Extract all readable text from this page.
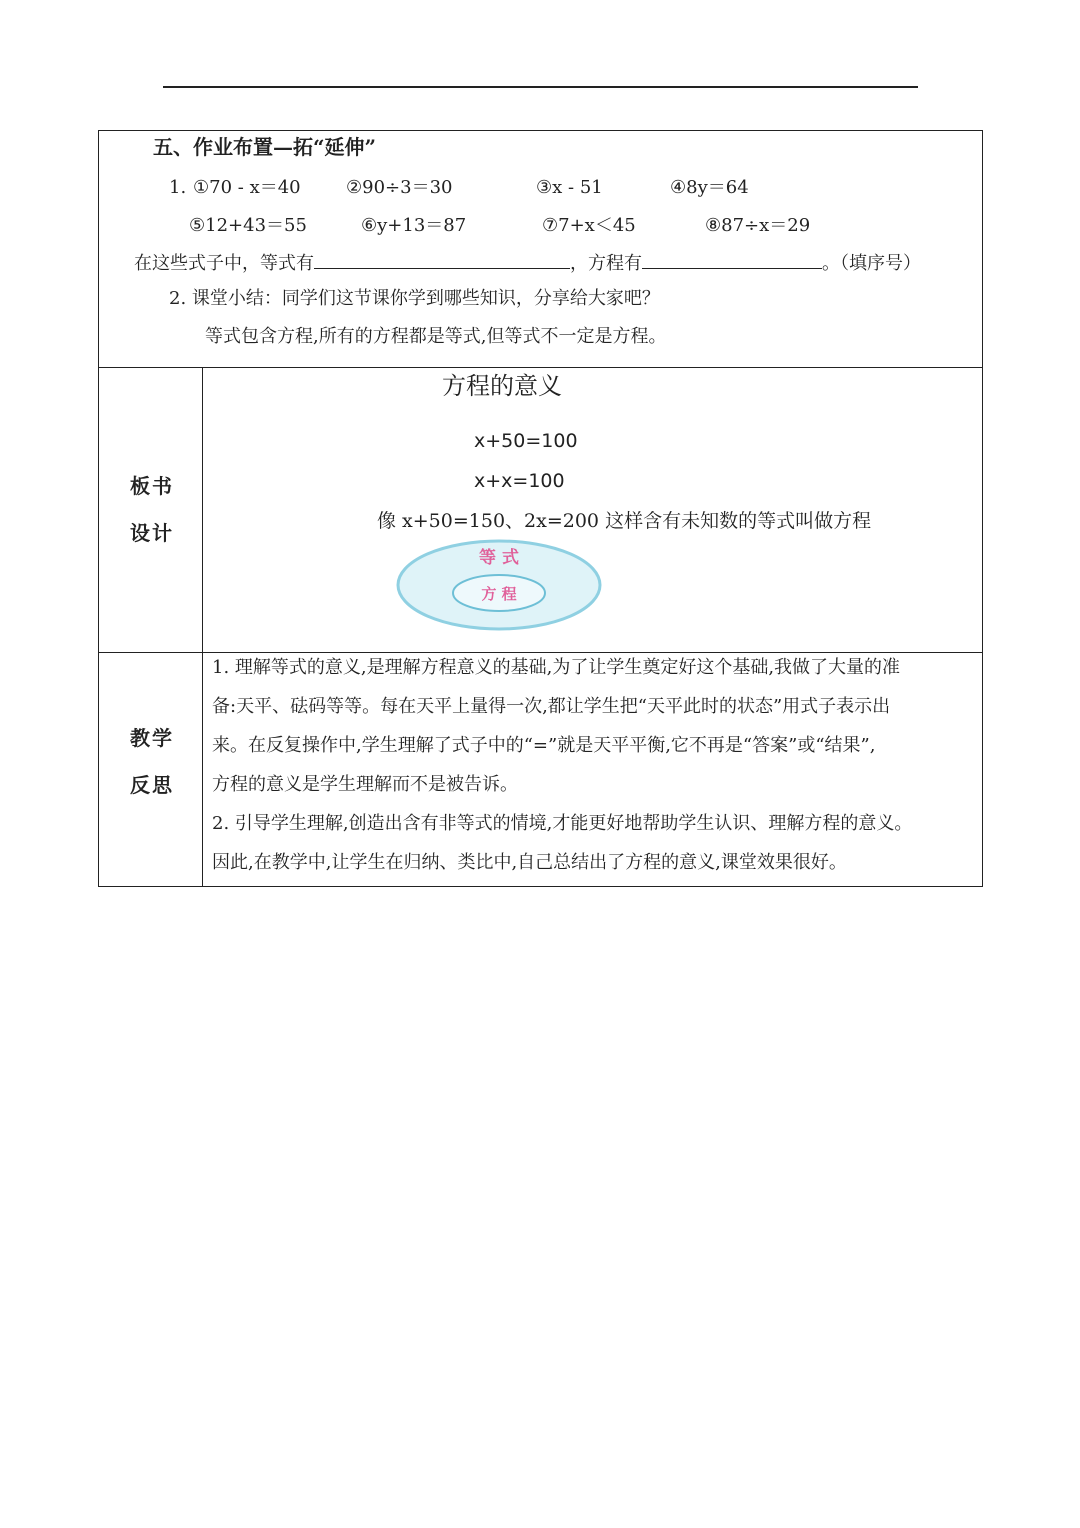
五、作业布置—拓“延伸”
1. ①70 - x＝40	②90÷3＝30	③x - 51	④8y＝64
⑤12+43＝55	⑥y+13＝87	⑦7+x＜45	⑧87÷x＝29
在这些式子中，等式有	，方程有	。（填序号）
2. 课堂小结：同学们这节课你学到哪些知识，分享给大家吧？
等式包含方程,所有的方程都是等式,但等式不一定是方程。
板书
设计
方程的意义
x+50=100
x+x=100
像 x+50=150、2x=200 这样含有未知数的等式叫做方程
等 式
方 程
教学
反思

1. 理解等式的意义,是理解方程意义的基础,为了让学生奠定好这个基础,我做了大量的准

备:天平、砝码等等。每在天平上量得一次,都让学生把“天平此时的状态”用式子表示出

来。在反复操作中,学生理解了式子中的“=”就是天平平衡,它不再是“答案”或“结果”,

方程的意义是学生理解而不是被告诉。

2. 引导学生理解,创造出含有非等式的情境,才能更好地帮助学生认识、理解方程的意义。

因此,在教学中,让学生在归纳、类比中,自己总结出了方程的意义,课堂效果很好。
